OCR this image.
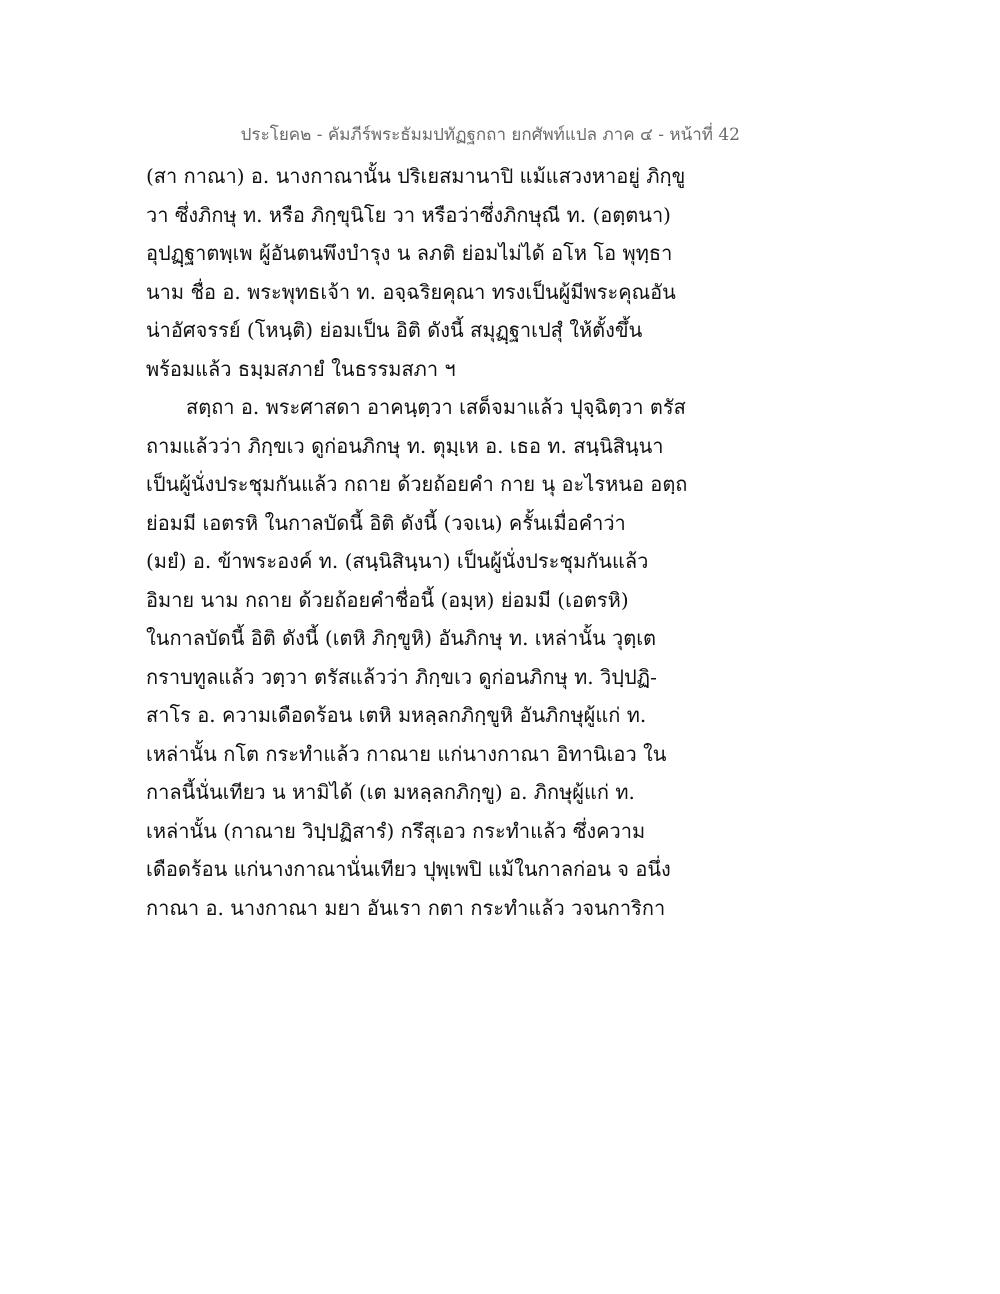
ประโยค๒ - คัมภีร์พระธัมมปทัฏฐกถา ยกศัพท์แปล ภาค ๔ - หน้าที่ 42
(สา กาณา) อ. นางกาณานั้น ปริเยสมานาปิ แม้แสวงหาอยู่ ภิกฺขู
วา ซึ่งภิกษุ ท. หรือ ภิกฺขุนิโย วา หรือว่าซึ่งภิกษุณี ท. (อตฺตนา)
อุปฏฺฐาตพฺเพ ผู้อันตนพึงบำรุง น ลภติ ย่อมไม่ได้ อโห โอ พุทฺธา
นาม ชื่อ อ. พระพุทธเจ้า ท. อจฺฉริยคุณา ทรงเป็นผู้มีพระคุณอัน
น่าอัศจรรย์ (โหนฺติ) ย่อมเป็น อิติ ดังนี้ สมุฏฺฐาเปสุํ ให้ตั้งขึ้น
พร้อมแล้ว ธมฺมสภายํ ในธรรมสภา ฯ
สตฺถา อ. พระศาสดา อาคนฺตฺวา เสด็จมาแล้ว ปุจฺฉิตฺวา ตรัส
ถามแล้วว่า ภิกฺขเว ดูก่อนภิกษุ ท. ตุมฺเห อ. เธอ ท. สนฺนิสินฺนา
เป็นผู้นั่งประชุมกันแล้ว กถาย ด้วยถ้อยคำ กาย นุ อะไรหนอ อตฺถ
ย่อมมี เอตรหิ ในกาลบัดนี้ อิติ ดังนี้ (วจเน) ครั้นเมื่อคำว่า
(มยํ) อ. ข้าพระองค์ ท. (สนฺนิสินฺนา) เป็นผู้นั่งประชุมกันแล้ว
อิมาย นาม กถาย ด้วยถ้อยคำชื่อนี้ (อมฺห) ย่อมมี (เอตรหิ)
ในกาลบัดนี้ อิติ ดังนี้ (เตหิ ภิกฺขูหิ) อันภิกษุ ท. เหล่านั้น วุตฺเต
กราบทูลแล้ว วตฺวา ตรัสแล้วว่า ภิกฺขเว ดูก่อนภิกษุ ท. วิปฺปฏิ-
สาโร อ. ความเดือดร้อน เตหิ มหลฺลกภิกฺขูหิ อันภิกษุผู้แก่ ท.
เหล่านั้น กโต กระทำแล้ว กาณาย แก่นางกาณา อิทานิเอว ใน
กาลนี้นั่นเทียว น หามิได้ (เต มหลฺลกภิกฺขู) อ. ภิกษุผู้แก่ ท.
เหล่านั้น (กาณาย วิปฺปฏิสารํ) กรึสุเอว กระทำแล้ว ซึ่งความ
เดือดร้อน แก่นางกาณานั่นเทียว ปุพฺเพปิ แม้ในกาลก่อน จ อนึ่ง
กาณา อ. นางกาณา มยา อันเรา กตา กระทำแล้ว วจนการิกา
